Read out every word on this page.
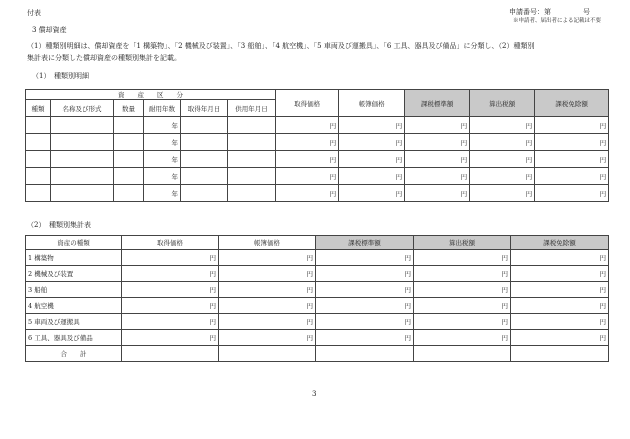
付表	申請番号：第	号
※申請者、届出者による記載は不要
3 償却資産
（1）種類別明細は、償却資産を「1 構築物」、「2 機械及び装置」、「3 船舶」、「4 航空機」、「5 車両及び運搬具」、「6 工具、器具及び備品」に分類し、（2）種類別
集計表に分類した償却資産の種類別集計を記載。
（1）　種類別明細
資　　産　　区　　分						取得価格	帳簿価格	課税標準額	算出税額	課税免除額
種類	名称及び形式	数量	耐用年数	取得年月日	供用年月日					
			年			円	円	円	円	円
			年			円	円	円	円	円
			年			円	円	円	円	円
			年			円	円	円	円	円
			年			円	円	円	円	円
（2）　種類別集計表
資産の種類	取得価格	帳簿価格	課税標準額	算出税額	課税免除額
1 構築物	円	円	円	円	円
2 機械及び装置	円	円	円	円	円
3 船舶	円	円	円	円	円
4 航空機	円	円	円	円	円
5 車両及び運搬具	円	円	円	円	円
6 工具、器具及び備品	円	円	円	円	円
合　　計					
3
